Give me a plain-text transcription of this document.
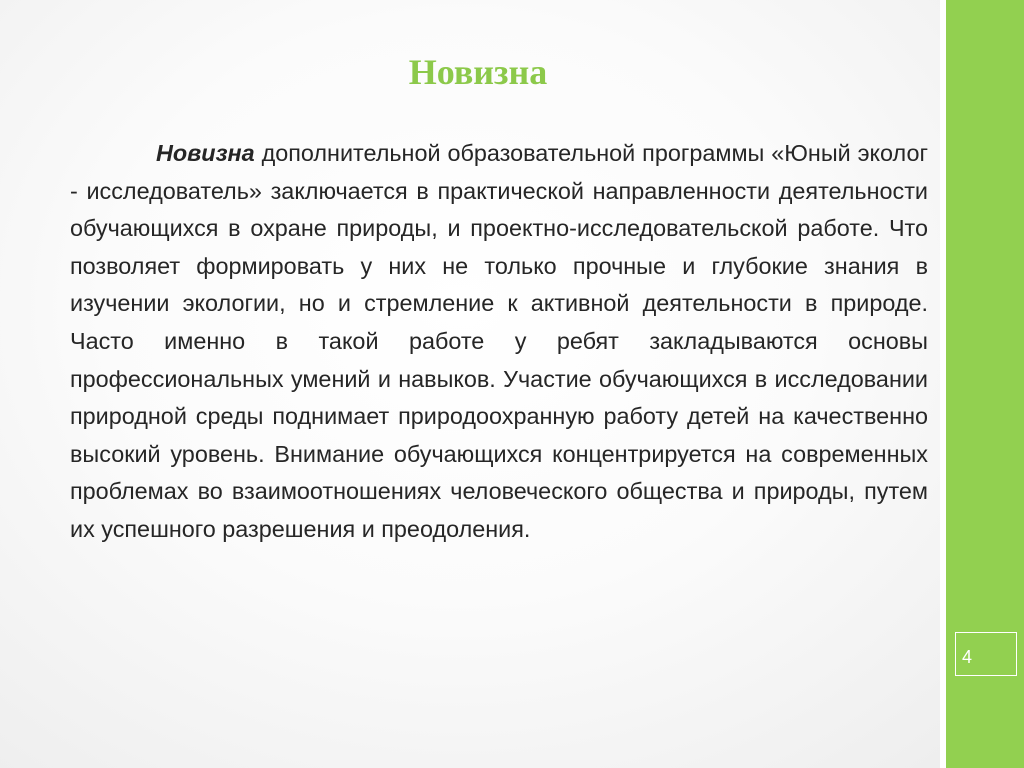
Новизна

Новизна дополнительной образовательной программы «Юный эколог - исследователь» заключается в практической направленности деятельности обучающихся в охране природы, и проектно-исследовательской работе. Что позволяет формировать у них не только прочные и глубокие знания в изучении экологии, но и стремление к активной деятельности в природе. Часто именно в такой работе у ребят закладываются основы профессиональных умений и навыков. Участие обучающихся в исследовании природной среды поднимает природоохранную работу детей на качественно высокий уровень. Внимание обучающихся концентрируется на современных проблемах во взаимоотношениях человеческого общества и природы, путем их успешного разрешения и преодоления.

4
